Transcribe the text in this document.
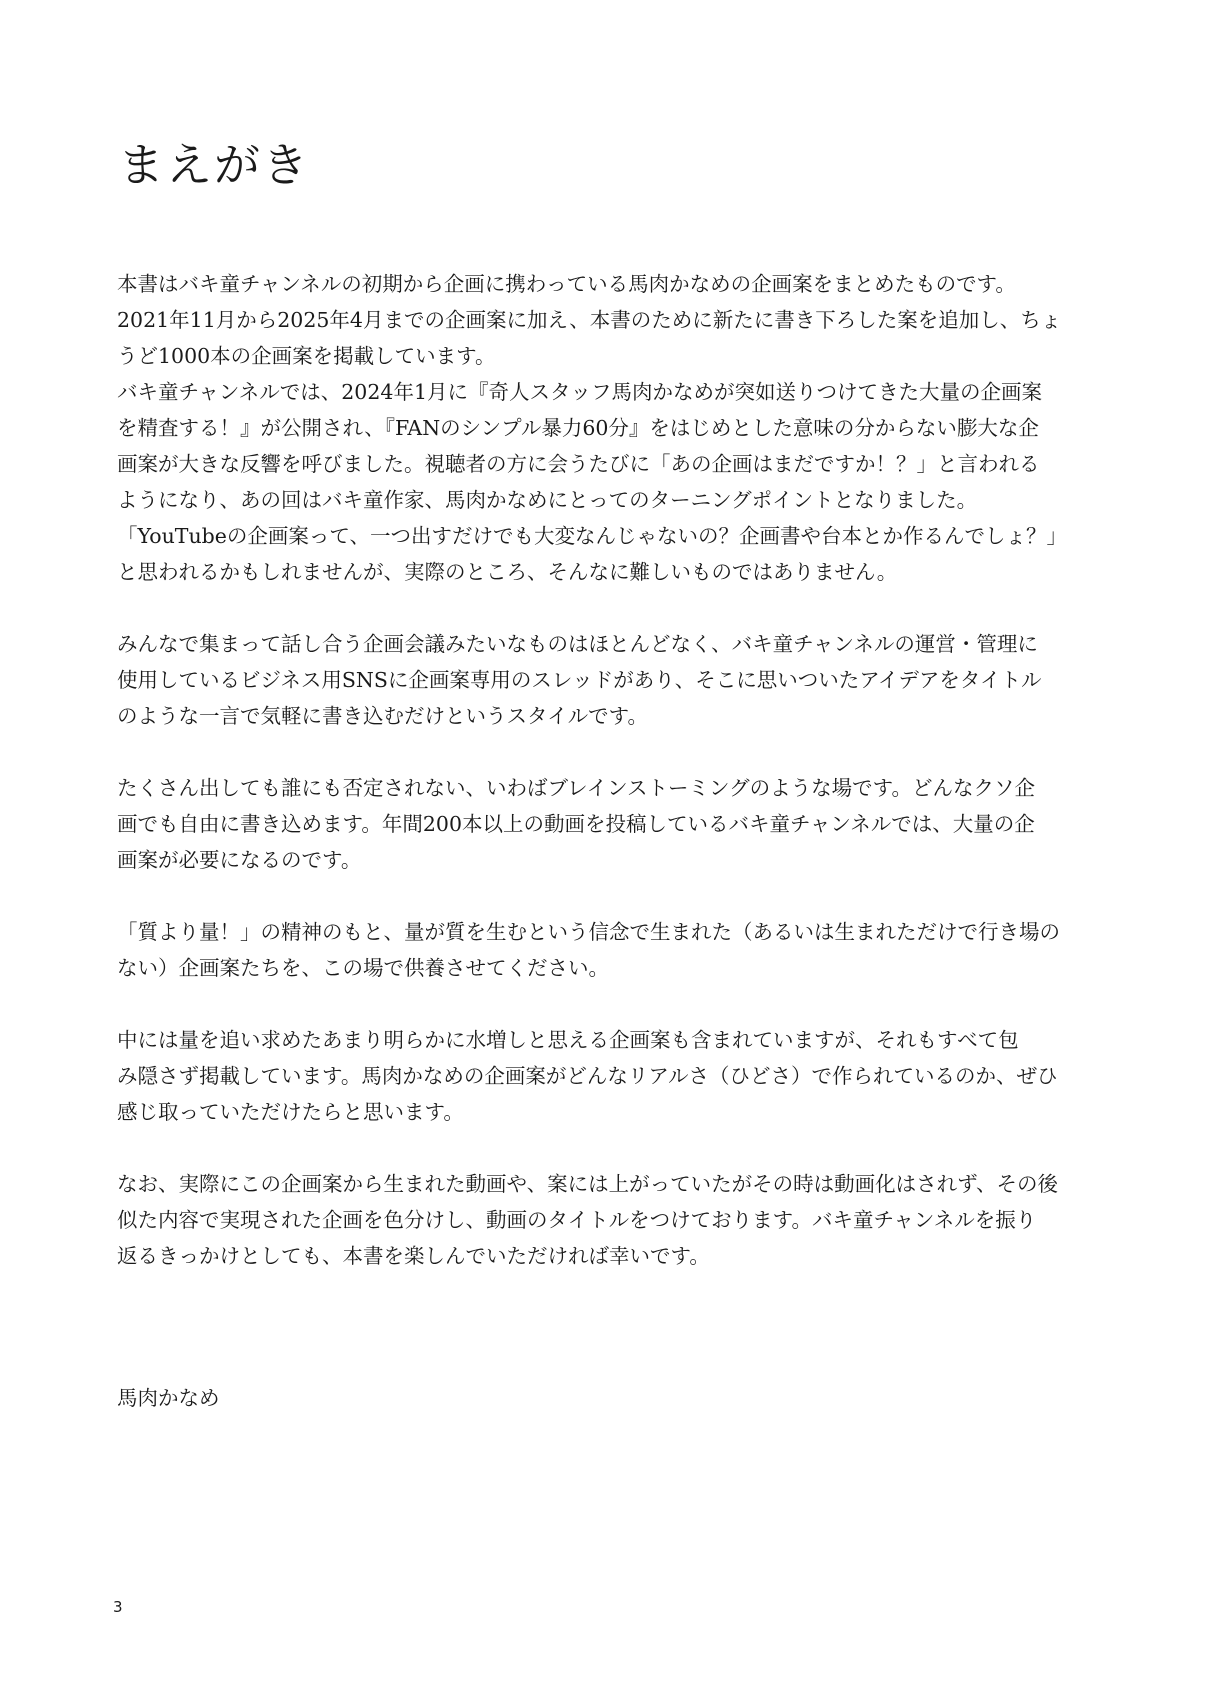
まえがき

本書はバキ童チャンネルの初期から企画に携わっている馬肉かなめの企画案をまとめたものです。
2021年11月から2025年4月までの企画案に加え、本書のために新たに書き下ろした案を追加し、ちょ
うど1000本の企画案を掲載しています。
バキ童チャンネルでは、2024年1月に『奇人スタッフ馬肉かなめが突如送りつけてきた大量の企画案
を精査する！』が公開され、『FANのシンプル暴力60分』をはじめとした意味の分からない膨大な企
画案が大きな反響を呼びました。視聴者の方に会うたびに「あの企画はまだですか！？」と言われる
ようになり、あの回はバキ童作家、馬肉かなめにとってのターニングポイントとなりました。
「YouTubeの企画案って、一つ出すだけでも大変なんじゃないの？企画書や台本とか作るんでしょ？」
と思われるかもしれませんが、実際のところ、そんなに難しいものではありません。

みんなで集まって話し合う企画会議みたいなものはほとんどなく、バキ童チャンネルの運営・管理に
使用しているビジネス用SNSに企画案専用のスレッドがあり、そこに思いついたアイデアをタイトル
のような一言で気軽に書き込むだけというスタイルです。

たくさん出しても誰にも否定されない、いわばブレインストーミングのような場です。どんなクソ企
画でも自由に書き込めます。年間200本以上の動画を投稿しているバキ童チャンネルでは、大量の企
画案が必要になるのです。

「質より量！」の精神のもと、量が質を生むという信念で生まれた（あるいは生まれただけで行き場の
ない）企画案たちを、この場で供養させてください。

中には量を追い求めたあまり明らかに水増しと思える企画案も含まれていますが、それもすべて包
み隠さず掲載しています。馬肉かなめの企画案がどんなリアルさ（ひどさ）で作られているのか、ぜひ
感じ取っていただけたらと思います。

なお、実際にこの企画案から生まれた動画や、案には上がっていたがその時は動画化はされず、その後
似た内容で実現された企画を色分けし、動画のタイトルをつけております。バキ童チャンネルを振り
返るきっかけとしても、本書を楽しんでいただければ幸いです。

馬肉かなめ

3
